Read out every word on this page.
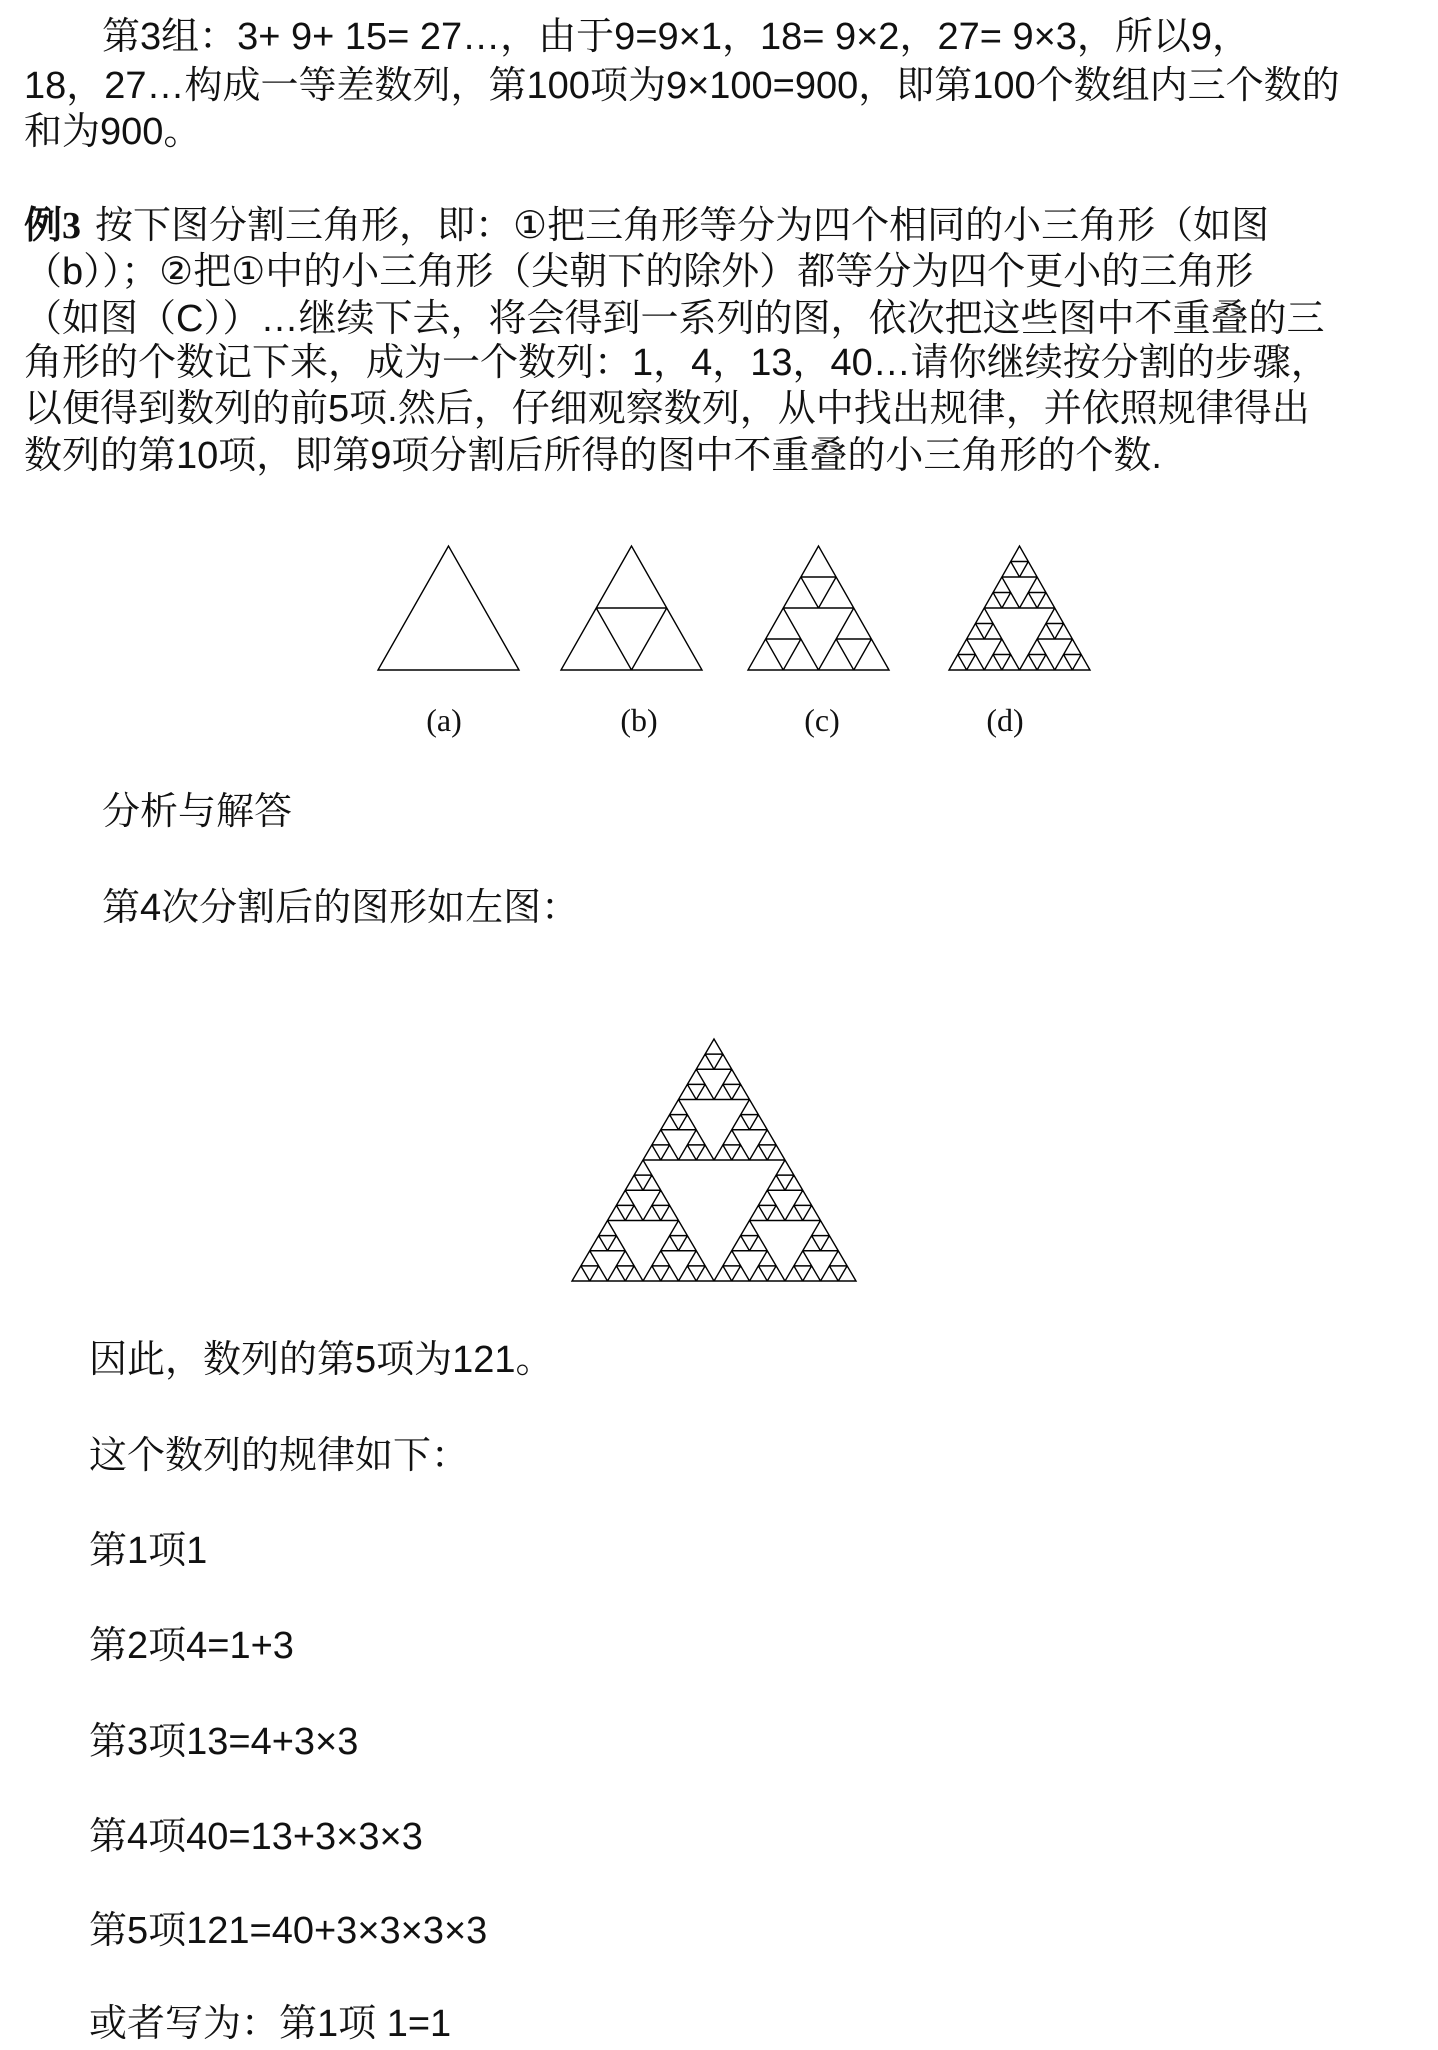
第3组：3+ 9+ 15= 27…，由于9=9×1，18= 9×2，27= 9×3，所以9，
18，27…构成一等差数列，第100项为9×100=900，即第100个数组内三个数的
和为900。
例3 按下图分割三角形，即：①把三角形等分为四个相同的小三角形（如图
（b））；②把①中的小三角形（尖朝下的除外）都等分为四个更小的三角形
（如图（C））…继续下去，将会得到一系列的图，依次把这些图中不重叠的三
角形的个数记下来，成为一个数列：1，4，13，40…请你继续按分割的步骤，
以便得到数列的前5项.然后，仔细观察数列，从中找出规律，并依照规律得出
数列的第10项，即第9项分割后所得的图中不重叠的小三角形的个数.
(a)	(b)	(c)	(d)
分析与解答
第4次分割后的图形如左图：
因此，数列的第5项为121。
这个数列的规律如下：
第1项1
第2项4=1+3
第3项13=4+3×3
第4项40=13+3×3×3
第5项121=40+3×3×3×3
或者写为：第1项 1=1
